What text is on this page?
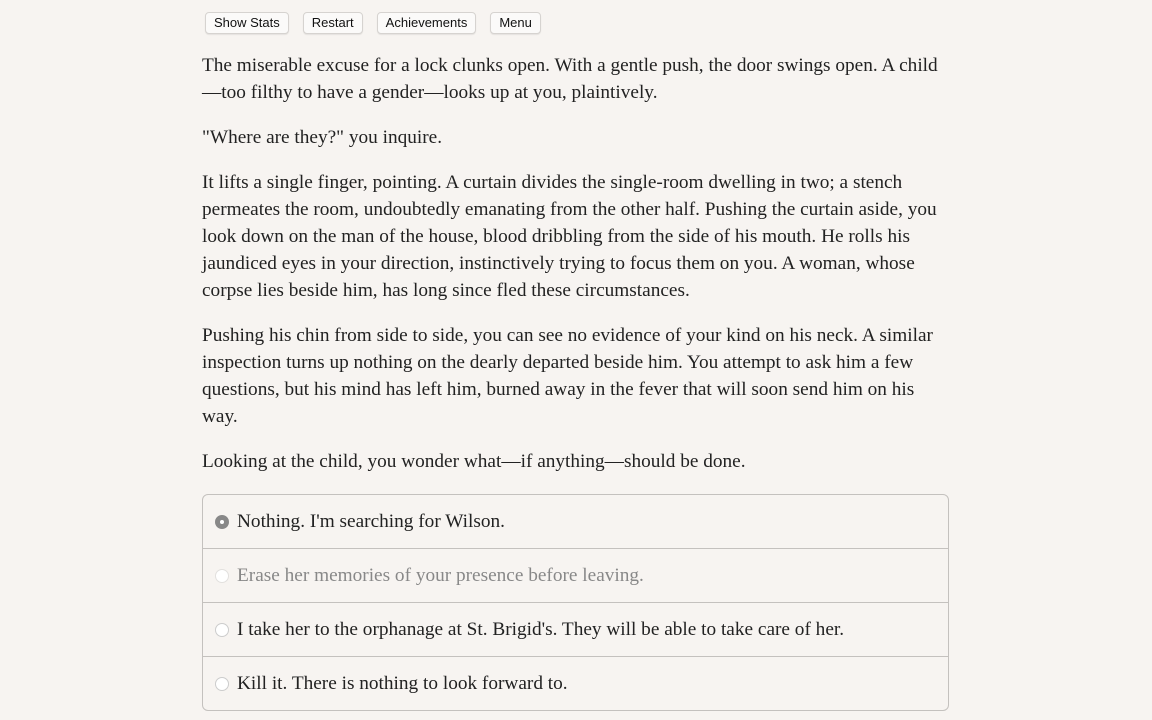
Show Stats	Restart	Achievements	Menu

The miserable excuse for a lock clunks open. With a gentle push, the door swings open. A child—too filthy to have a gender—looks up at you, plaintively.

"Where are they?" you inquire.

It lifts a single finger, pointing. A curtain divides the single-room dwelling in two; a stench permeates the room, undoubtedly emanating from the other half. Pushing the curtain aside, you look down on the man of the house, blood dribbling from the side of his mouth. He rolls his jaundiced eyes in your direction, instinctively trying to focus them on you. A woman, whose corpse lies beside him, has long since fled these circumstances.

Pushing his chin from side to side, you can see no evidence of your kind on his neck. A similar inspection turns up nothing on the dearly departed beside him. You attempt to ask him a few questions, but his mind has left him, burned away in the fever that will soon send him on his way.

Looking at the child, you wonder what—if anything—should be done.

Nothing. I'm searching for Wilson.
Erase her memories of your presence before leaving.
I take her to the orphanage at St. Brigid's. They will be able to take care of her.
Kill it. There is nothing to look forward to.
